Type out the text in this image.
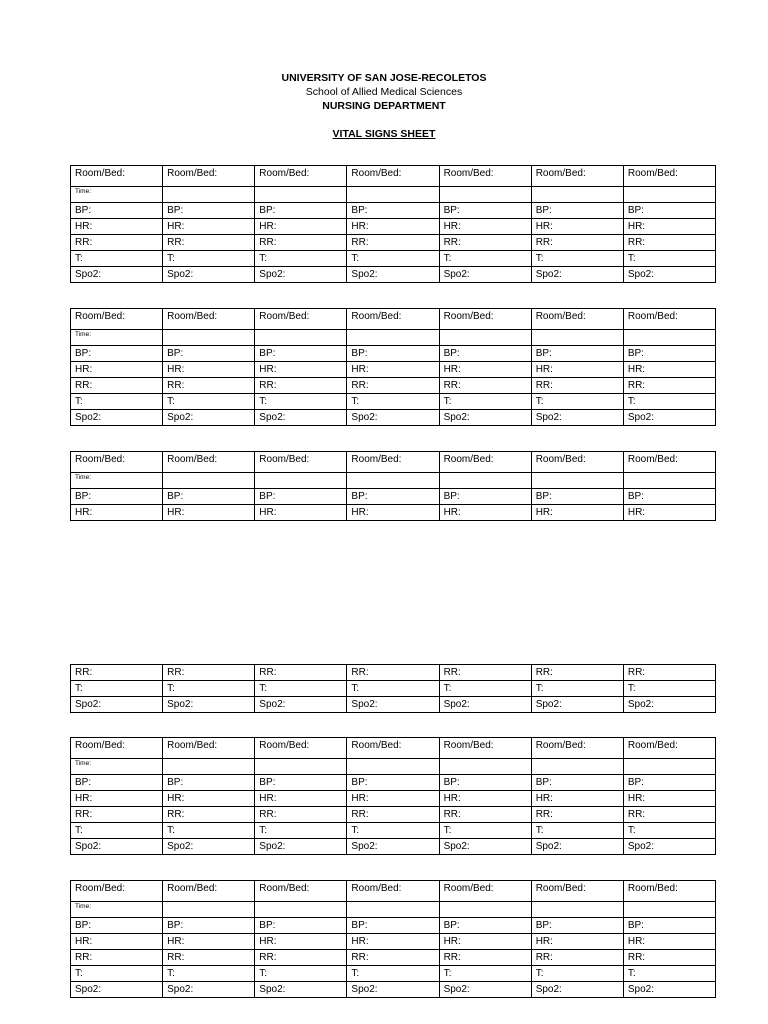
UNIVERSITY OF SAN JOSE-RECOLETOS
School of Allied Medical Sciences
NURSING DEPARTMENT
VITAL SIGNS SHEET
Room/Bed:	Room/Bed:	Room/Bed:	Room/Bed:	Room/Bed:	Room/Bed:	Room/Bed:
Time:						
BP:	BP:	BP:	BP:	BP:	BP:	BP:
HR:	HR:	HR:	HR:	HR:	HR:	HR:
RR:	RR:	RR:	RR:	RR:	RR:	RR:
T:	T:	T:	T:	T:	T:	T:
Spo2:	Spo2:	Spo2:	Spo2:	Spo2:	Spo2:	Spo2:
Room/Bed:	Room/Bed:	Room/Bed:	Room/Bed:	Room/Bed:	Room/Bed:	Room/Bed:
Time:						
BP:	BP:	BP:	BP:	BP:	BP:	BP:
HR:	HR:	HR:	HR:	HR:	HR:	HR:
RR:	RR:	RR:	RR:	RR:	RR:	RR:
T:	T:	T:	T:	T:	T:	T:
Spo2:	Spo2:	Spo2:	Spo2:	Spo2:	Spo2:	Spo2:
Room/Bed:	Room/Bed:	Room/Bed:	Room/Bed:	Room/Bed:	Room/Bed:	Room/Bed:
Time:						
BP:	BP:	BP:	BP:	BP:	BP:	BP:
HR:	HR:	HR:	HR:	HR:	HR:	HR:
RR:	RR:	RR:	RR:	RR:	RR:	RR:
T:	T:	T:	T:	T:	T:	T:
Spo2:	Spo2:	Spo2:	Spo2:	Spo2:	Spo2:	Spo2:
Room/Bed:	Room/Bed:	Room/Bed:	Room/Bed:	Room/Bed:	Room/Bed:	Room/Bed:
Time:						
BP:	BP:	BP:	BP:	BP:	BP:	BP:
HR:	HR:	HR:	HR:	HR:	HR:	HR:
RR:	RR:	RR:	RR:	RR:	RR:	RR:
T:	T:	T:	T:	T:	T:	T:
Spo2:	Spo2:	Spo2:	Spo2:	Spo2:	Spo2:	Spo2:
Room/Bed:	Room/Bed:	Room/Bed:	Room/Bed:	Room/Bed:	Room/Bed:	Room/Bed:
Time:						
BP:	BP:	BP:	BP:	BP:	BP:	BP:
HR:	HR:	HR:	HR:	HR:	HR:	HR:
RR:	RR:	RR:	RR:	RR:	RR:	RR:
T:	T:	T:	T:	T:	T:	T:
Spo2:	Spo2:	Spo2:	Spo2:	Spo2:	Spo2:	Spo2:
